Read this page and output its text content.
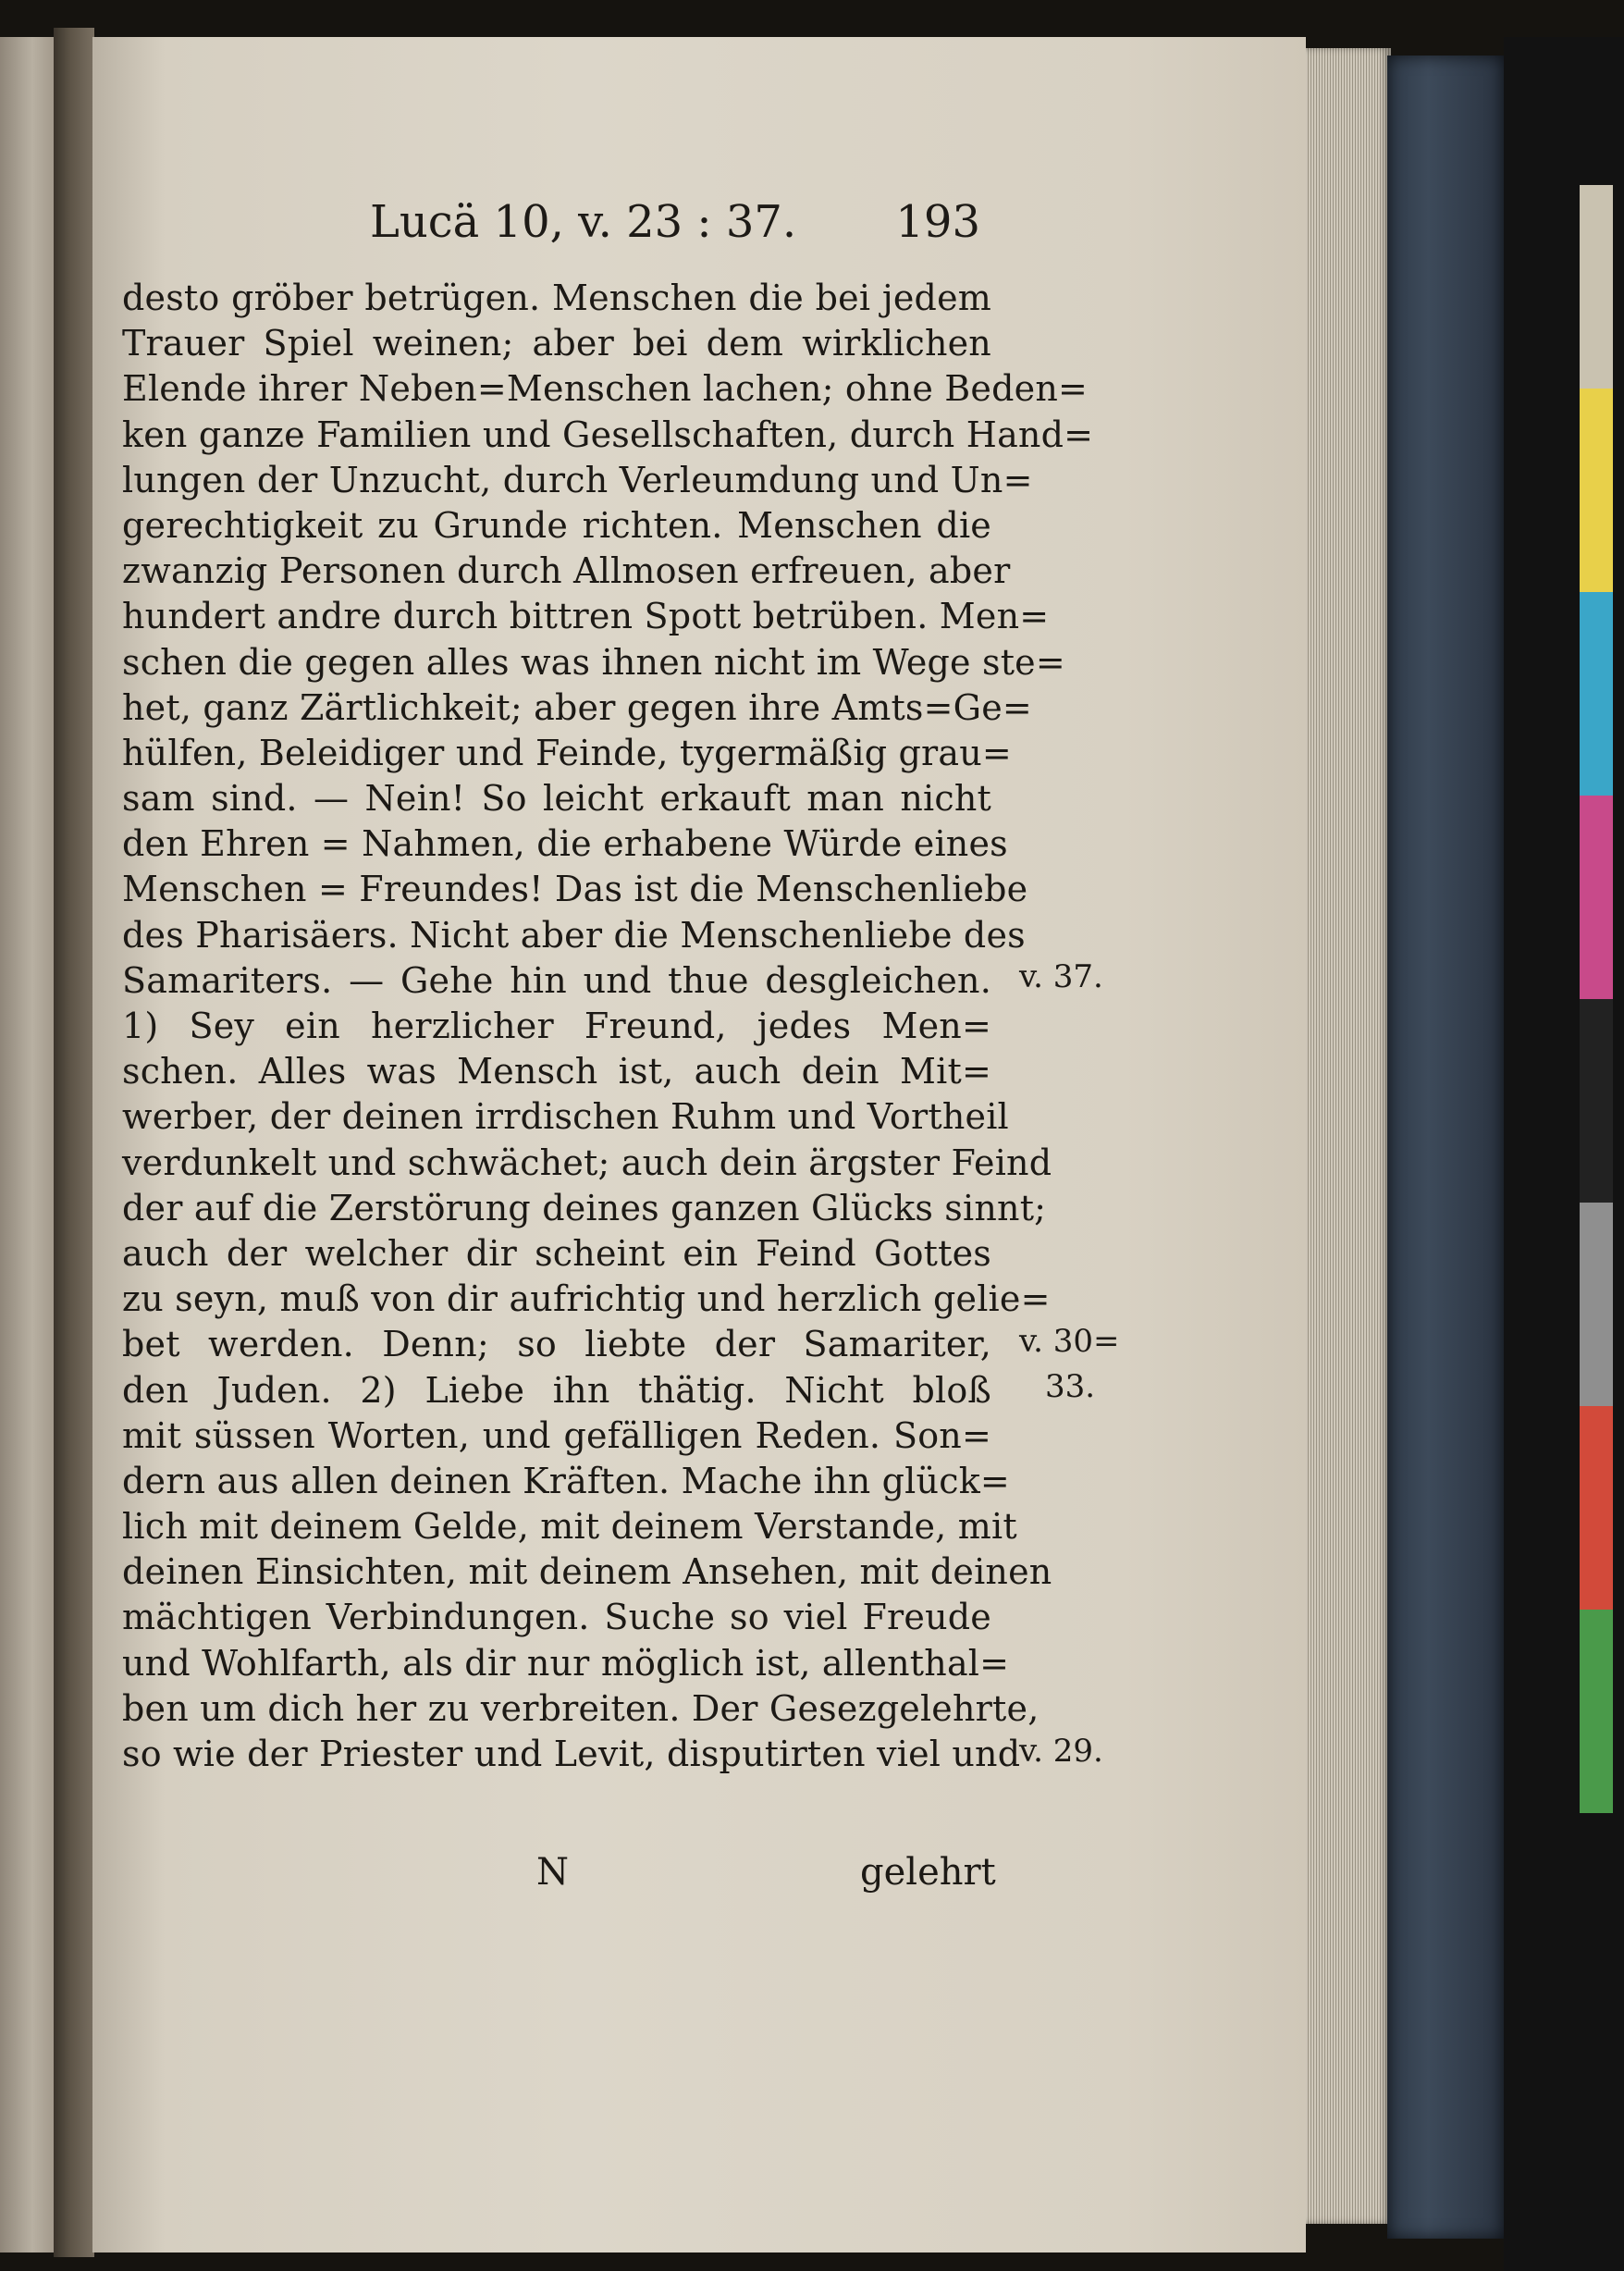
Lucä 10, v. 23 : 37. 193
desto gröber betrügen. Menschen die bei jedem
Trauer Spiel weinen; aber bei dem wirklichen
Elende ihrer Neben=Menschen lachen; ohne Beden=
ken ganze Familien und Gesellschaften, durch Hand=
lungen der Unzucht, durch Verleumdung und Un=
gerechtigkeit zu Grunde richten. Menschen die
zwanzig Personen durch Allmosen erfreuen, aber
hundert andre durch bittren Spott betrüben. Men=
schen die gegen alles was ihnen nicht im Wege ste=
het, ganz Zärtlichkeit; aber gegen ihre Amts=Ge=
hülfen, Beleidiger und Feinde, tygermäßig grau=
sam sind. — Nein! So leicht erkauft man nicht
den Ehren = Nahmen, die erhabene Würde eines
Menschen = Freundes! Das ist die Menschenliebe
des Pharisäers. Nicht aber die Menschenliebe des
Samariters. — Gehe hin und thue desgleichen.
1) Sey ein herzlicher Freund, jedes Men=
schen. Alles was Mensch ist, auch dein Mit=
werber, der deinen irrdischen Ruhm und Vortheil
verdunkelt und schwächet; auch dein ärgster Feind
der auf die Zerstörung deines ganzen Glücks sinnt;
auch der welcher dir scheint ein Feind Gottes
zu seyn, muß von dir aufrichtig und herzlich gelie=
bet werden. Denn; so liebte der Samariter,
den Juden. 2) Liebe ihn thätig. Nicht bloß
mit süssen Worten, und gefälligen Reden. Son=
dern aus allen deinen Kräften. Mache ihn glück=
lich mit deinem Gelde, mit deinem Verstande, mit
deinen Einsichten, mit deinem Ansehen, mit deinen
mächtigen Verbindungen. Suche so viel Freude
und Wohlfarth, als dir nur möglich ist, allenthal=
ben um dich her zu verbreiten. Der Gesezgelehrte,
so wie der Priester und Levit, disputirten viel und
v. 37.
v. 30=
33.
v. 29.
N	gelehrt
